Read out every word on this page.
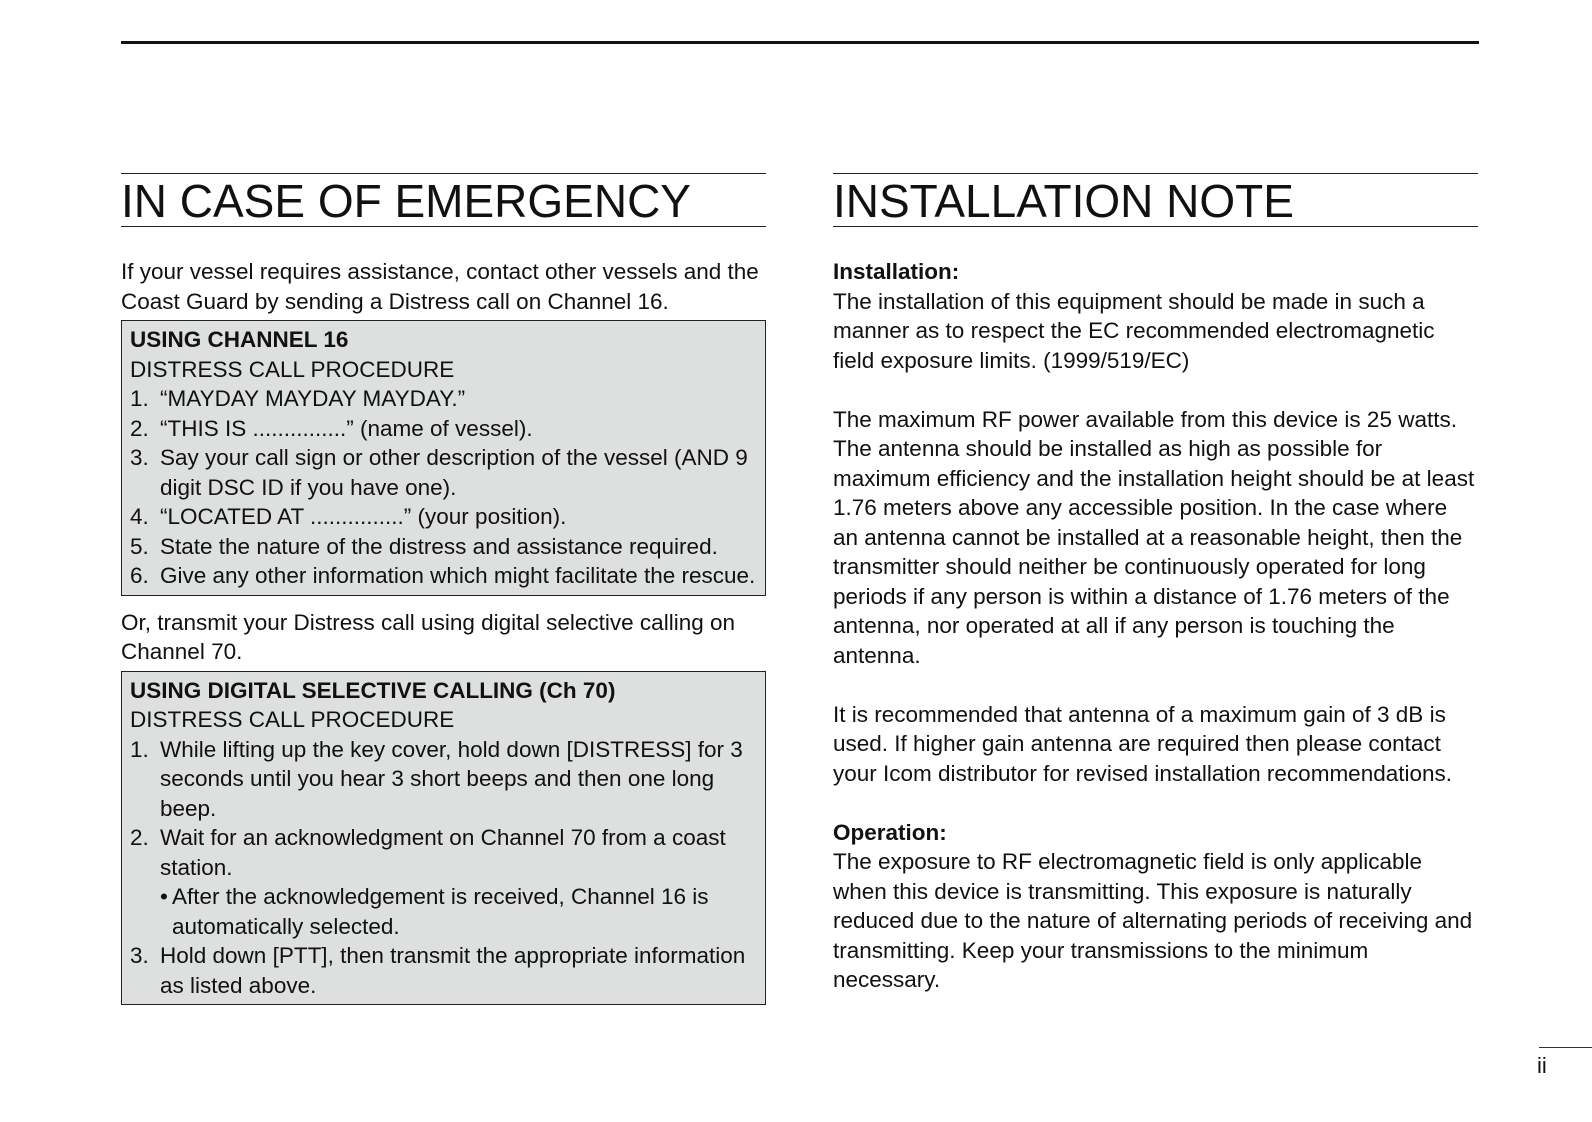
IN CASE OF EMERGENCY

If your vessel requires assistance, contact other vessels and the Coast Guard by sending a Distress call on Channel 16.

USING CHANNEL 16
DISTRESS CALL PROCEDURE
1. “MAYDAY MAYDAY MAYDAY.”
2. “THIS IS ...............” (name of vessel).
3. Say your call sign or other description of the vessel (AND 9 digit DSC ID if you have one).
4. “LOCATED AT ...............” (your position).
5. State the nature of the distress and assistance required.
6. Give any other information which might facilitate the rescue.

Or, transmit your Distress call using digital selective calling on Channel 70.

USING DIGITAL SELECTIVE CALLING (Ch 70)
DISTRESS CALL PROCEDURE
1. While lifting up the key cover, hold down [DISTRESS] for 3 seconds until you hear 3 short beeps and then one long beep.
2. Wait for an acknowledgment on Channel 70 from a coast station.
• After the acknowledgement is received, Channel 16 is automatically selected.
3. Hold down [PTT], then transmit the appropriate information as listed above.
INSTALLATION NOTE

Installation:

The installation of this equipment should be made in such a manner as to respect the EC recommended electromagnetic field exposure limits. (1999/519/EC)

The maximum RF power available from this device is 25 watts. The antenna should be installed as high as possible for maximum efficiency and the installation height should be at least 1.76 meters above any accessible position. In the case where an antenna cannot be installed at a reasonable height, then the transmitter should neither be continuously operated for long periods if any person is within a distance of 1.76 meters of the antenna, nor operated at all if any person is touching the antenna.

It is recommended that antenna of a maximum gain of 3 dB is used. If higher gain antenna are required then please contact your Icom distributor for revised installation recommendations.

Operation:

The exposure to RF electromagnetic field is only applicable when this device is transmitting. This exposure is naturally reduced due to the nature of alternating periods of receiving and transmitting. Keep your transmissions to the minimum necessary.

ii
